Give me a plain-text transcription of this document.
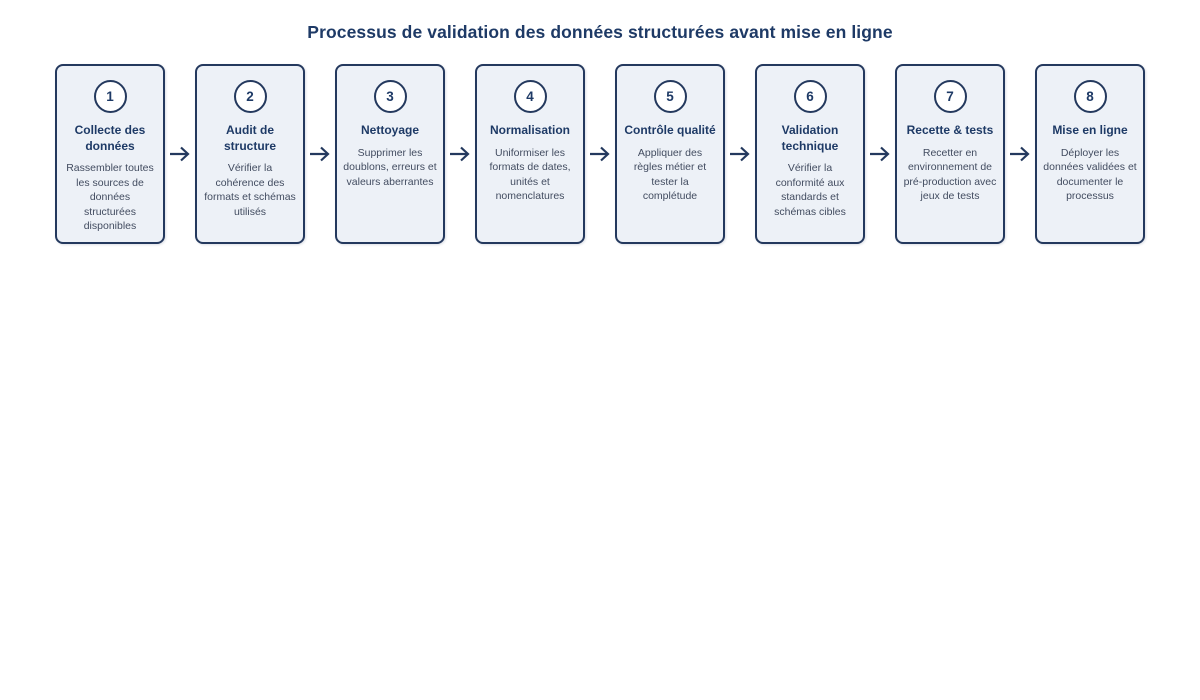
Processus de validation des données structurées avant mise en ligne
1
Collecte des données
Rassembler toutes les sources de données structurées disponibles
2
Audit de structure
Vérifier la cohérence des formats et schémas utilisés
3
Nettoyage
Supprimer les doublons, erreurs et valeurs aberrantes
4
Normalisation
Uniformiser les formats de dates, unités et nomenclatures
5
Contrôle qualité
Appliquer des règles métier et tester la complétude
6
Validation technique
Vérifier la conformité aux standards et schémas cibles
7
Recette & tests
Recetter en environnement de pré-production avec jeux de tests
8
Mise en ligne
Déployer les données validées et documenter le processus
